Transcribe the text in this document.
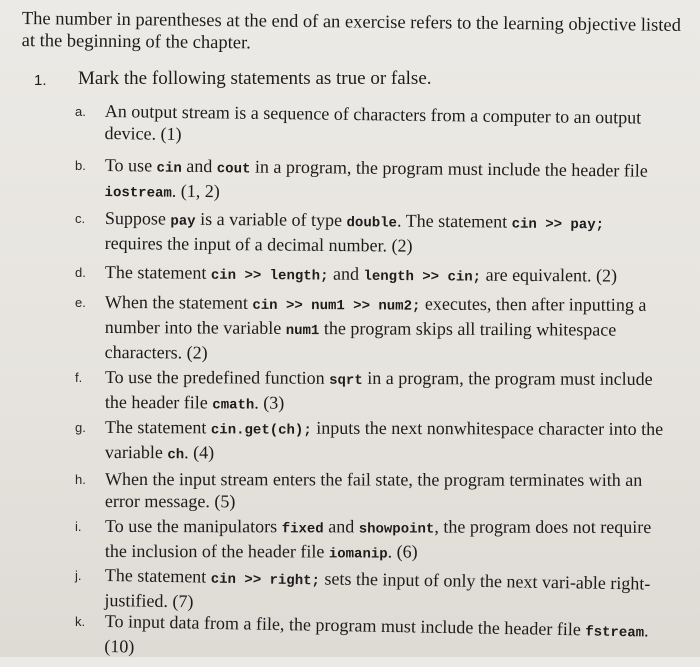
The number in parentheses at the end of an exercise refers to the learning objective listed at the beginning of the chapter.
1. Mark the following statements as true or false.
a. An output stream is a sequence of characters from a computer to an output device. (1)
b. To use cin and cout in a program, the program must include the header file iostream. (1, 2)
c. Suppose pay is a variable of type double. The statement cin >> pay; requires the input of a decimal number. (2)
d. The statement cin >> length; and length >> cin; are equivalent. (2)
e. When the statement cin >> num1 >> num2; executes, then after inputting a number into the variable num1 the program skips all trailing whitespace characters. (2)
f. To use the predefined function sqrt in a program, the program must include the header file cmath. (3)
g. The statement cin.get(ch); inputs the next nonwhitespace character into the variable ch. (4)
h. When the input stream enters the fail state, the program terminates with an error message. (5)
i. To use the manipulators fixed and showpoint, the program does not require the inclusion of the header file iomanip. (6)
j. The statement cin >> right; sets the input of only the next vari-able right-justified. (7)
k. To input data from a file, the program must include the header file fstream. (10)
